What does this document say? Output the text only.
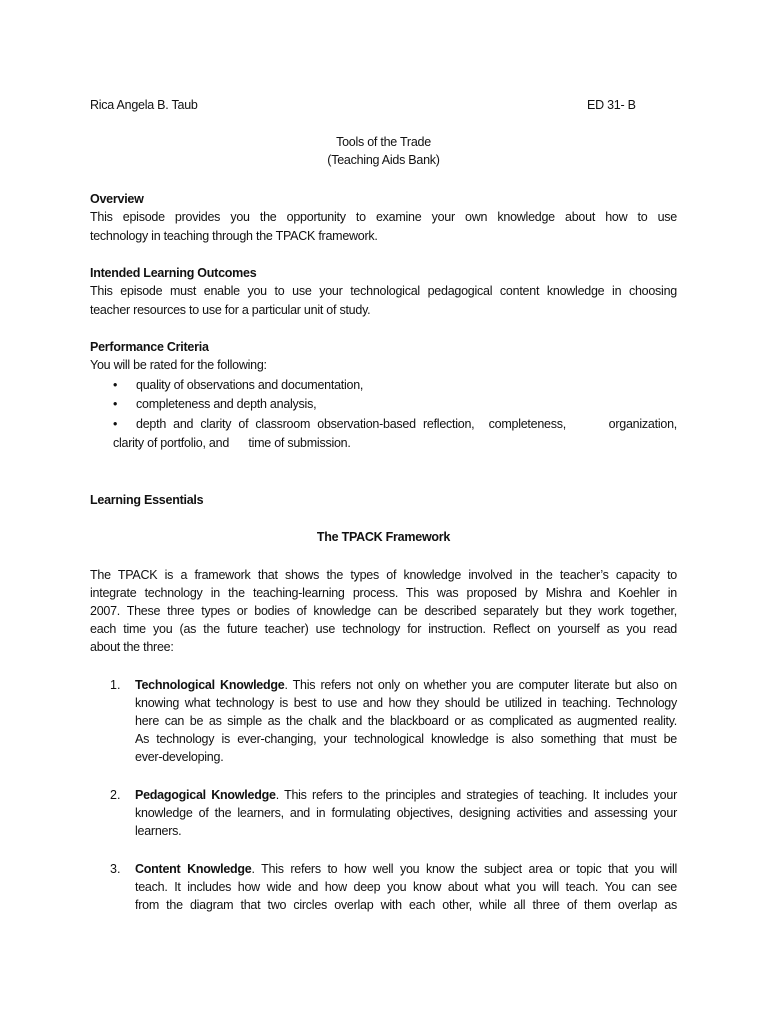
Rica Angela B. Taub	ED 31- B
Tools of the Trade
(Teaching Aids Bank)
Overview
This episode provides you the opportunity to examine your own knowledge about how to use
technology in teaching through the TPACK framework.
Intended Learning Outcomes
This episode must enable you to use your technological pedagogical content knowledge in choosing
teacher resources to use for a particular unit of study.
Performance Criteria
You will be rated for the following:
• quality of observations and documentation,
• completeness and depth analysis,
• depth and clarity of classroom observation-based reflection,  completeness,      organization,
clarity of portfolio, and      time of submission.
Learning Essentials
The TPACK Framework
The TPACK is a framework that shows the types of knowledge involved in the teacher’s capacity to
integrate technology in the teaching-learning process. This was proposed by Mishra and Koehler in
2007. These three types or bodies of knowledge can be described separately but they work together,
each time you (as the future teacher) use technology for instruction. Reflect on yourself as you read
about the three:
1. Technological Knowledge. This refers not only on whether you are computer literate but also on
knowing what technology is best to use and how they should be utilized in teaching. Technology
here can be as simple as the chalk and the blackboard or as complicated as augmented reality.
As technology is ever-changing, your technological knowledge is also something that must be
ever-developing.
2. Pedagogical Knowledge. This refers to the principles and strategies of teaching. It includes your
knowledge of the learners, and in formulating objectives, designing activities and assessing your
learners.
3. Content Knowledge. This refers to how well you know the subject area or topic that you will
teach. It includes how wide and how deep you know about what you will teach. You can see
from the diagram that two circles overlap with each other, while all three of them overlap as
